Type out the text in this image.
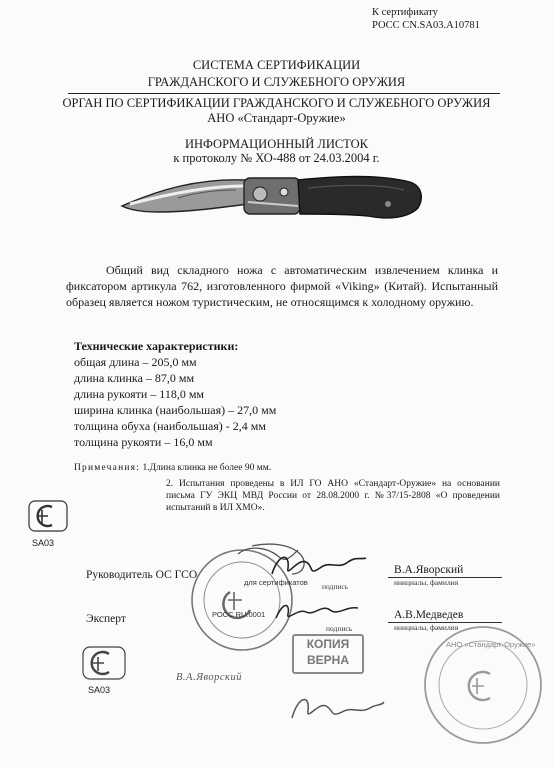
К сертификату
РОСС CN.SA03.A10781
СИСТЕМА СЕРТИФИКАЦИИ
ГРАЖДАНСКОГО И СЛУЖЕБНОГО ОРУЖИЯ
ОРГАН ПО СЕРТИФИКАЦИИ ГРАЖДАНСКОГО И СЛУЖЕБНОГО ОРУЖИЯ
АНО «Стандарт-Оружие»
ИНФОРМАЦИОННЫЙ ЛИСТОК
к протоколу № ХО-488 от 24.03.2004 г.
Общий вид складного ножа с автоматическим извлечением клинка и
фиксатором артикула 762, изготовленного фирмой «Viking» (Китай). Испытанный
образец является ножом туристическим, не относящимся к холодному оружию.
Технические характеристики:
общая длина – 205,0 мм
длина клинка – 87,0 мм
длина рукояти – 118,0 мм
ширина клинка (наибольшая) – 27,0 мм
толщина обуха (наибольшая) - 2,4 мм
толщина рукояти – 16,0 мм
Примечания: 1.Длина клинка не более 90 мм.
2. Испытания проведены в ИЛ ГО АНО «Стандарт-Оружие» на основании
письма ГУ ЭКЦ МВД России от 28.08.2000 г. №37/15-2808 «О проведении
испытаний в ИЛ ХМО».
SA03
для сертификатов
РОСС RU.0001
Руководитель ОС ГСО
подпись
В.А.Яворский
инициалы, фамилия
Эксперт
подпись
А.В.Медведев
инициалы, фамилия
КОПИЯ
ВЕРНА
SA03
В.А.Яворский
АНО «Стандарт-Оружие»
